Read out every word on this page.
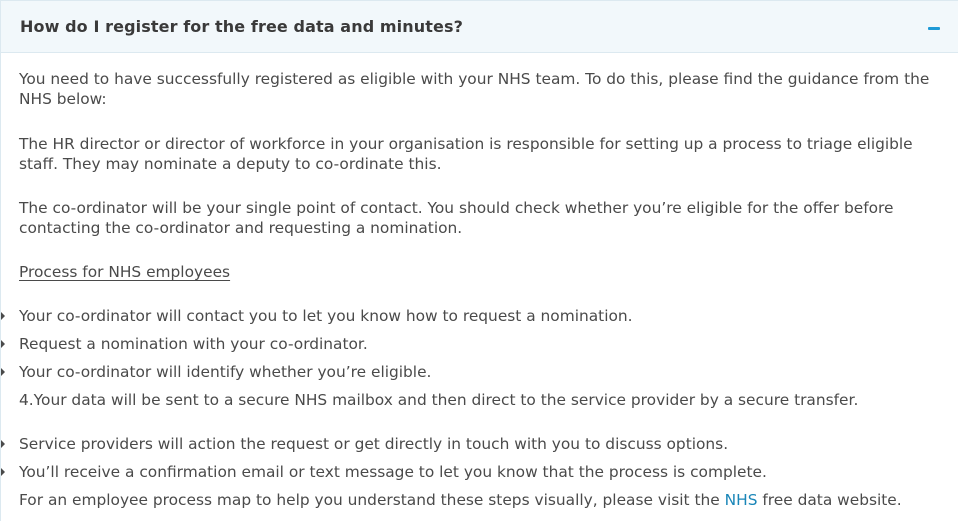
How do I register for the free data and minutes?

You need to have successfully registered as eligible with your NHS team. To do this, please find the guidance from the NHS below:

The HR director or director of workforce in your organisation is responsible for setting up a process to triage eligible staff. They may nominate a deputy to co-ordinate this.

The co-ordinator will be your single point of contact. You should check whether you’re eligible for the offer before contacting the co-ordinator and requesting a nomination.

Process for NHS employees

Your co-ordinator will contact you to let you know how to request a nomination.

Request a nomination with your co-ordinator.

Your co-ordinator will identify whether you’re eligible.

4.Your data will be sent to a secure NHS mailbox and then direct to the service provider by a secure transfer.

Service providers will action the request or get directly in touch with you to discuss options.

You’ll receive a confirmation email or text message to let you know that the process is complete.

For an employee process map to help you understand these steps visually, please visit the NHS free data website.
